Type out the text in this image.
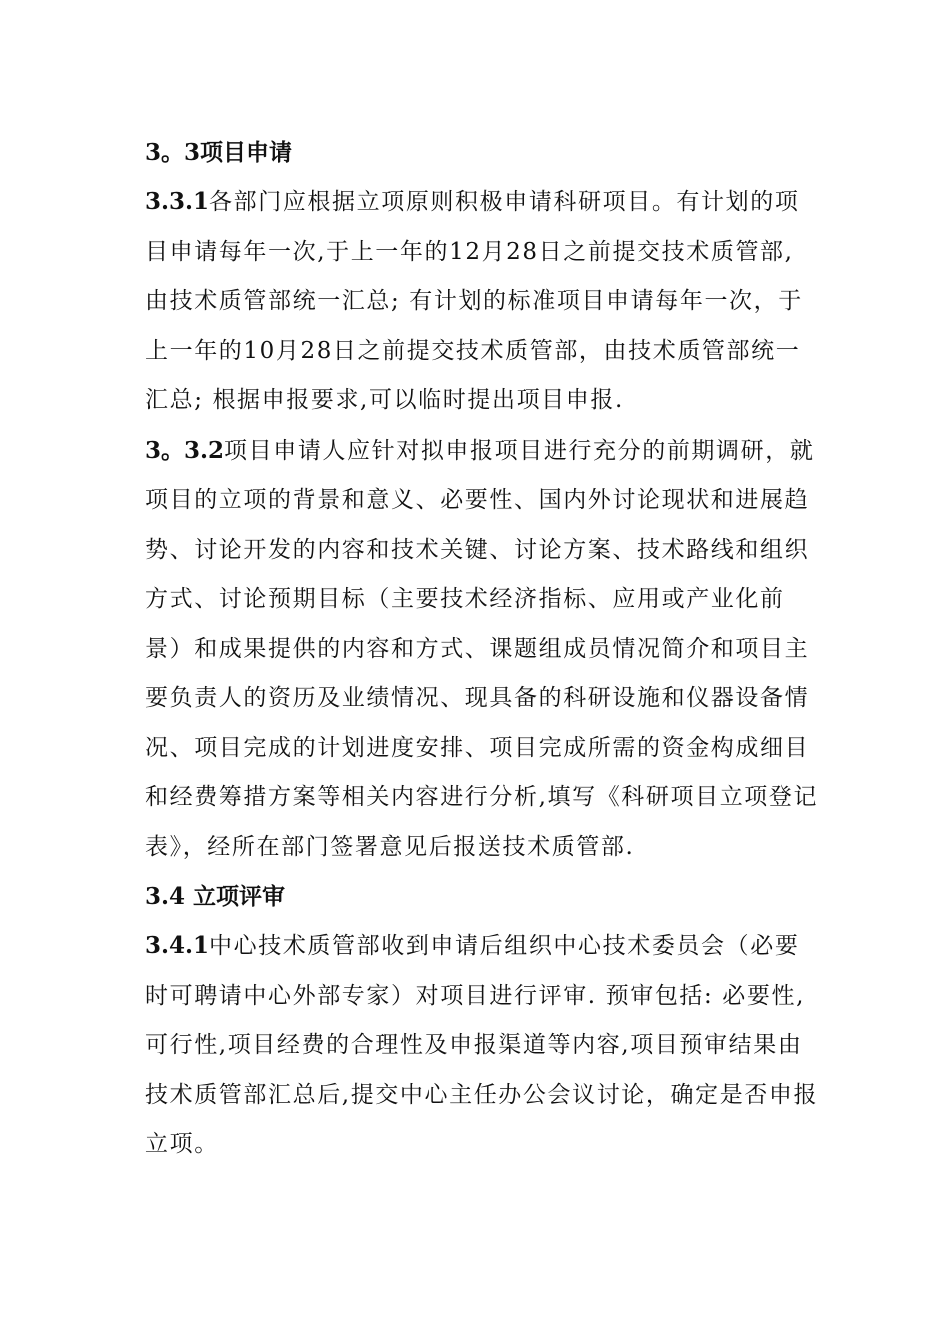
3。3项目申请
3.3.1各部门应根据立项原则积极申请科研项目。有计划的项
目申请每年一次,于上一年的12月28日之前提交技术质管部,
由技术质管部统一汇总; 有计划的标准项目申请每年一次，于
上一年的10月28日之前提交技术质管部，由技术质管部统一
汇总; 根据申报要求,可以临时提出项目申报.
3。3.2项目申请人应针对拟申报项目进行充分的前期调研，就
项目的立项的背景和意义、必要性、国内外讨论现状和进展趋
势、讨论开发的内容和技术关键、讨论方案、技术路线和组织
方式、讨论预期目标（主要技术经济指标、应用或产业化前
景）和成果提供的内容和方式、课题组成员情况简介和项目主
要负责人的资历及业绩情况、现具备的科研设施和仪器设备情
况、项目完成的计划进度安排、项目完成所需的资金构成细目
和经费筹措方案等相关内容进行分析,填写《科研项目立项登记
表》，经所在部门签署意见后报送技术质管部.
3.4 立项评审
3.4.1中心技术质管部收到申请后组织中心技术委员会（必要
时可聘请中心外部专家）对项目进行评审. 预审包括: 必要性,
可行性,项目经费的合理性及申报渠道等内容,项目预审结果由
技术质管部汇总后,提交中心主任办公会议讨论，确定是否申报
立项。
